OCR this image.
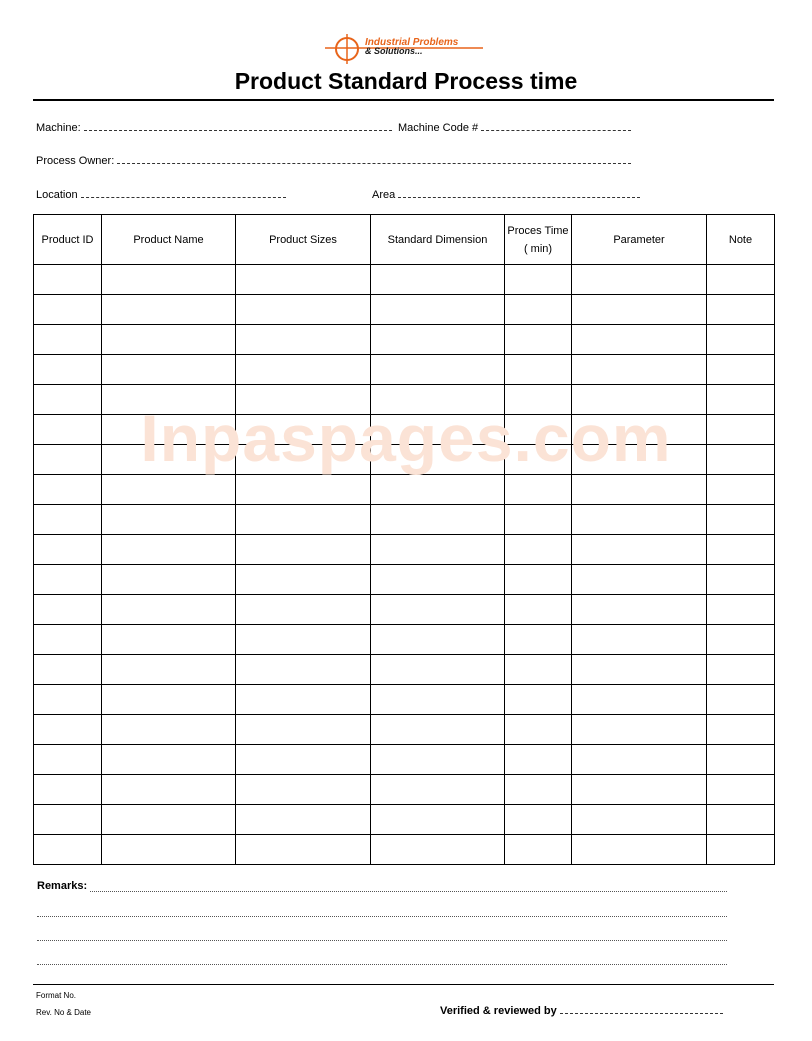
Industrial Problems
& Solutions...
Product Standard Process time
Machine:	Machine Code #
Process Owner:
Location	Area
Product ID	Product Name	Product Sizes	Standard Dimension	Proces Time ( min)	Parameter	Note

Inpaspages.com
Remarks:
Format No.
Rev. No & Date	Verified & reviewed by
